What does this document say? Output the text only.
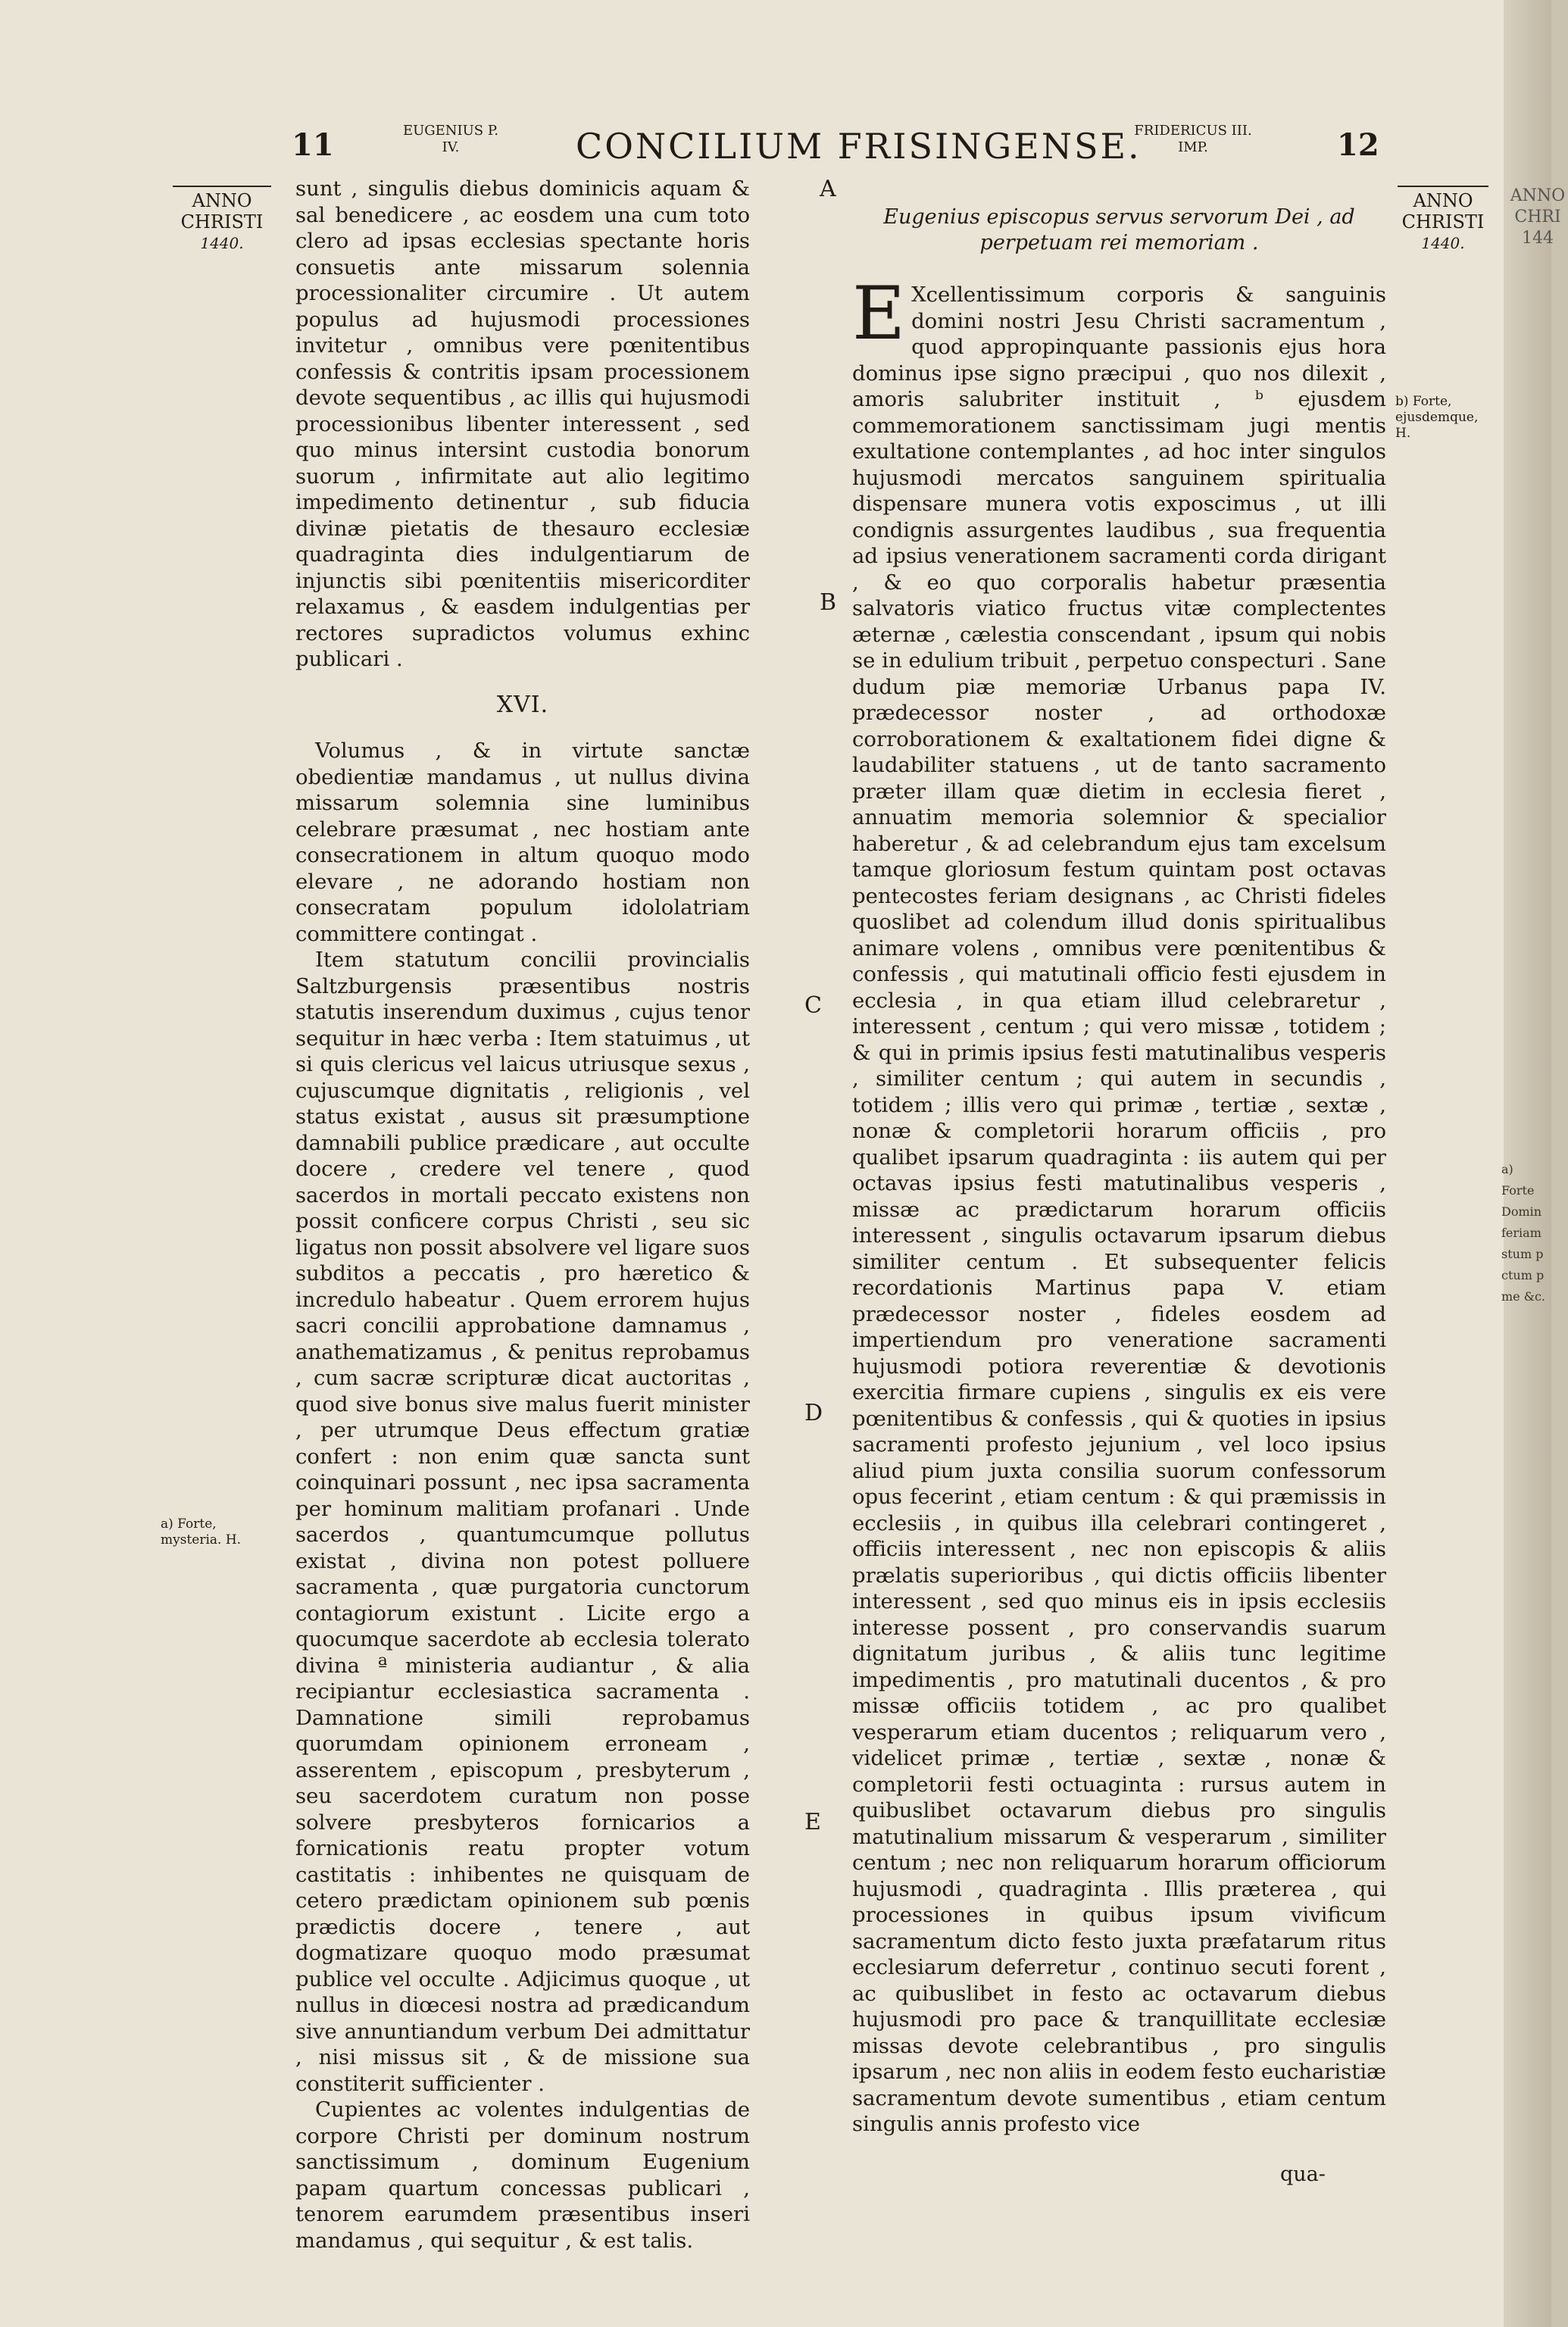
11	EUGENIUS P. IV.	CONCILIUM FRISINGENSE.
FRIDERICUS III. IMP.	12
ANNO CHRISTI
1440.
ANNO CHRISTI
1440.
ANNO CHRI 144
A
B
C
D
E
a) Forte, mysteria. H.
b) Forte, ejusdemque, H.
a) Forte Domin feriam stum p ctum p me &c.

sunt , singulis diebus dominicis aquam & sal benedicere , ac eosdem una cum toto clero ad ipsas ecclesias spectante horis consuetis ante missarum solennia processionaliter circumire . Ut autem populus ad hujusmodi processiones invitetur , omnibus vere pœnitentibus confessis & contritis ipsam processionem devote sequentibus , ac illis qui hujusmodi processionibus libenter interessent , sed quo minus intersint custodia bonorum suorum , infirmitate aut alio legitimo impedimento detinentur , sub fiducia divinæ pietatis de thesauro ecclesiæ quadraginta dies indulgentiarum de injunctis sibi pœnitentiis misericorditer relaxamus , & easdem indulgentias per rectores supradictos volumus exhinc publicari .

XVI.

Volumus , & in virtute sanctæ obedientiæ mandamus , ut nullus divina missarum solemnia sine luminibus celebrare præsumat , nec hostiam ante consecrationem in altum quoquo modo elevare , ne adorando hostiam non consecratam populum idololatriam committere contingat .

Item statutum concilii provincialis Saltzburgensis præsentibus nostris statutis inserendum duximus , cujus tenor sequitur in hæc verba : Item statuimus , ut si quis clericus vel laicus utriusque sexus , cujuscumque dignitatis , religionis , vel status existat , ausus sit præsumptione damnabili publice prædicare , aut occulte docere , credere vel tenere , quod sacerdos in mortali peccato existens non possit conficere corpus Christi , seu sic ligatus non possit absolvere vel ligare suos subditos a peccatis , pro hæretico & incredulo habeatur . Quem errorem hujus sacri concilii approbatione damnamus , anathematizamus , & penitus reprobamus , cum sacræ scripturæ dicat auctoritas , quod sive bonus sive malus fuerit minister , per utrumque Deus effectum gratiæ confert : non enim quæ sancta sunt coinquinari possunt , nec ipsa sacramenta per hominum malitiam profanari . Unde sacerdos , quantumcumque pollutus existat , divina non potest polluere sacramenta , quæ purgatoria cunctorum contagiorum existunt . Licite ergo a quocumque sacerdote ab ecclesia tolerato divina ª ministeria audiantur , & alia recipiantur ecclesiastica sacramenta . Damnatione simili reprobamus quorumdam opinionem erroneam , asserentem , episcopum , presbyterum , seu sacerdotem curatum non posse solvere presbyteros fornicarios a fornicationis reatu propter votum castitatis : inhibentes ne quisquam de cetero prædictam opinionem sub pœnis prædictis docere , tenere , aut dogmatizare quoquo modo præsumat publice vel occulte . Adjicimus quoque , ut nullus in diœcesi nostra ad prædicandum sive annuntiandum verbum Dei admittatur , nisi missus sit , & de missione sua constiterit sufficienter .

Cupientes ac volentes indulgentias de corpore Christi per dominum nostrum sanctissimum , dominum Eugenium papam quartum concessas publicari , tenorem earumdem præsentibus inseri mandamus , qui sequitur , & est talis.

Eugenius episcopus servus servorum Dei , ad perpetuam rei memoriam .

E Xcellentissimum corporis & sanguinis domini nostri Jesu Christi sacramentum , quod appropinquante passionis ejus hora dominus ipse signo præcipui , quo nos dilexit , amoris salubriter instituit , ᵇ ejusdem commemorationem sanctissimam jugi mentis exultatione contemplantes , ad hoc inter singulos hujusmodi mercatos sanguinem spiritualia dispensare munera votis exposcimus , ut illi condignis assurgentes laudibus , sua frequentia ad ipsius venerationem sacramenti corda dirigant , & eo quo corporalis habetur præsentia salvatoris viatico fructus vitæ complectentes æternæ , cælestia conscendant , ipsum qui nobis se in edulium tribuit , perpetuo conspecturi . Sane dudum piæ memoriæ Urbanus papa IV. prædecessor noster , ad orthodoxæ corroborationem & exaltationem fidei digne & laudabiliter statuens , ut de tanto sacramento præter illam quæ dietim in ecclesia fieret , annuatim memoria solemnior & specialior haberetur , & ad celebrandum ejus tam excelsum tamque gloriosum festum quintam post octavas pentecostes feriam designans , ac Christi fideles quoslibet ad colendum illud donis spiritualibus animare volens , omnibus vere pœnitentibus & confessis , qui matutinali officio festi ejusdem in ecclesia , in qua etiam illud celebraretur , interessent , centum ; qui vero missæ , totidem ; & qui in primis ipsius festi matutinalibus vesperis , similiter centum ; qui autem in secundis , totidem ; illis vero qui primæ , tertiæ , sextæ , nonæ & completorii horarum officiis , pro qualibet ipsarum quadraginta : iis autem qui per octavas ipsius festi matutinalibus vesperis , missæ ac prædictarum horarum officiis interessent , singulis octavarum ipsarum diebus similiter centum . Et subsequenter felicis recordationis Martinus papa V. etiam prædecessor noster , fideles eosdem ad impertiendum pro veneratione sacramenti hujusmodi potiora reverentiæ & devotionis exercitia firmare cupiens , singulis ex eis vere pœnitentibus & confessis , qui & quoties in ipsius sacramenti profesto jejunium , vel loco ipsius aliud pium juxta consilia suorum confessorum opus fecerint , etiam centum : & qui præmissis in ecclesiis , in quibus illa celebrari contingeret , officiis interessent , nec non episcopis & aliis prælatis superioribus , qui dictis officiis libenter interessent , sed quo minus eis in ipsis ecclesiis interesse possent , pro conservandis suarum dignitatum juribus , & aliis tunc legitime impedimentis , pro matutinali ducentos , & pro missæ officiis totidem , ac pro qualibet vesperarum etiam ducentos ; reliquarum vero , videlicet primæ , tertiæ , sextæ , nonæ & completorii festi octuaginta : rursus autem in quibuslibet octavarum diebus pro singulis matutinalium missarum & vesperarum , similiter centum ; nec non reliquarum horarum officiorum hujusmodi , quadraginta . Illis præterea , qui processiones in quibus ipsum vivificum sacramentum dicto festo juxta præfatarum ritus ecclesiarum deferretur , continuo secuti forent , ac quibuslibet in festo ac octavarum diebus hujusmodi pro pace & tranquillitate ecclesiæ missas devote celebrantibus , pro singulis ipsarum , nec non aliis in eodem festo eucharistiæ sacramentum devote sumentibus , etiam centum singulis annis profesto vice

qua-
